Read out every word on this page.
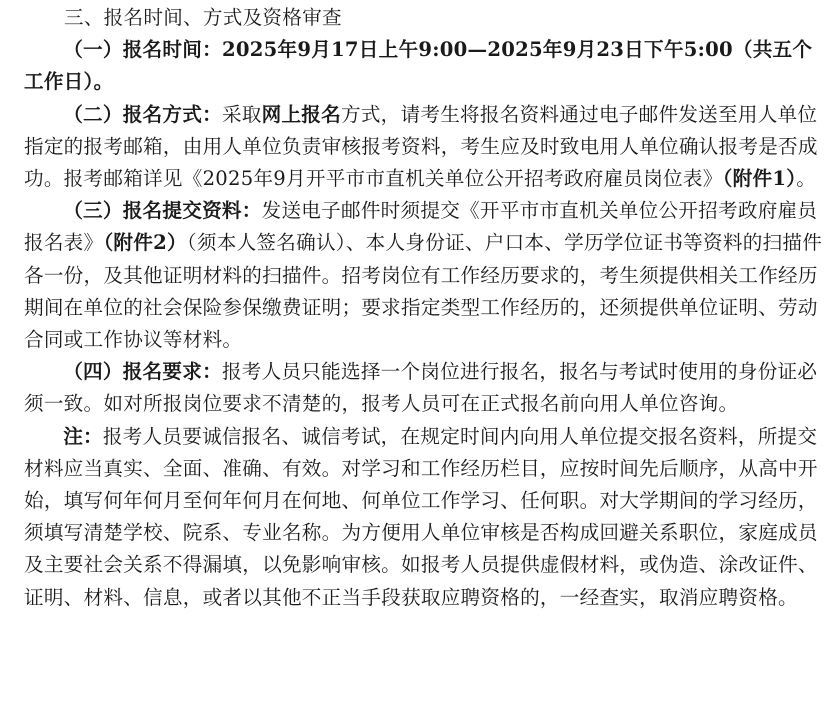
三、报名时间、方式及资格审查

（一）报名时间：2025年9月17日上午9:00—2025年9月23日下午5:00（共五个工作日）。

（二）报名方式：采取网上报名方式，请考生将报名资料通过电子邮件发送至用人单位指定的报考邮箱，由用人单位负责审核报考资料，考生应及时致电用人单位确认报考是否成功。报考邮箱详见《2025年9月开平市市直机关单位公开招考政府雇员岗位表》（附件1）。

（三）报名提交资料：发送电子邮件时须提交《开平市市直机关单位公开招考政府雇员报名表》（附件2）（须本人签名确认）、本人身份证、户口本、学历学位证书等资料的扫描件各一份，及其他证明材料的扫描件。招考岗位有工作经历要求的，考生须提供相关工作经历期间在单位的社会保险参保缴费证明；要求指定类型工作经历的，还须提供单位证明、劳动合同或工作协议等材料。

（四）报名要求：报考人员只能选择一个岗位进行报名，报名与考试时使用的身份证必须一致。如对所报岗位要求不清楚的，报考人员可在正式报名前向用人单位咨询。

注：报考人员要诚信报名、诚信考试，在规定时间内向用人单位提交报名资料，所提交材料应当真实、全面、准确、有效。对学习和工作经历栏目，应按时间先后顺序，从高中开始，填写何年何月至何年何月在何地、何单位工作学习、任何职。对大学期间的学习经历，须填写清楚学校、院系、专业名称。为方便用人单位审核是否构成回避关系职位，家庭成员及主要社会关系不得漏填，以免影响审核。如报考人员提供虚假材料，或伪造、涂改证件、证明、材料、信息，或者以其他不正当手段获取应聘资格的，一经查实，取消应聘资格。
